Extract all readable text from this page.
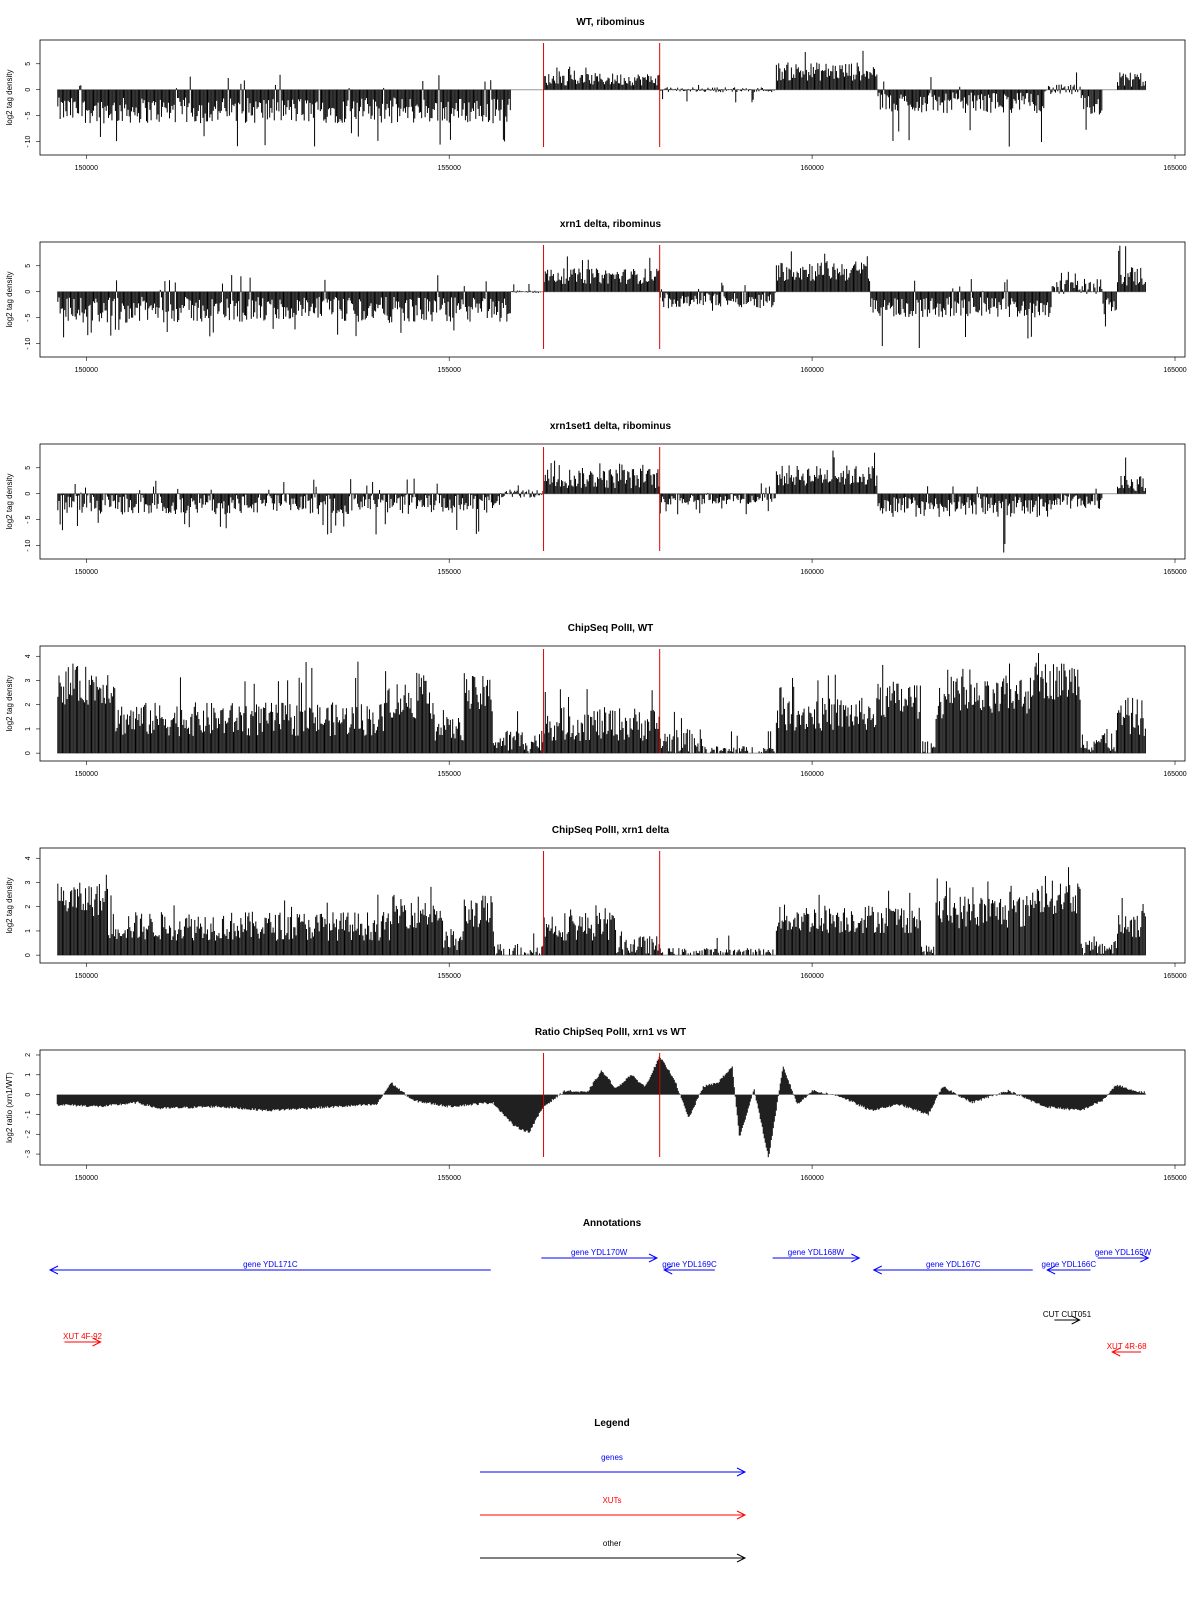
WT, ribominus
5
0
- 5
- 10
log2 tag density
150000	155000	160000	165000
xrn1 delta, ribominus
5
0
- 5
- 10
log2 tag density
150000	155000	160000	165000
xrn1set1 delta, ribominus
5
0
- 5
- 10
log2 tag density
150000	155000	160000	165000
ChipSeq PolII, WT
0
1
2
3
4
log2 tag density
150000	155000	160000	165000
ChipSeq PolII, xrn1 delta
0
1
2
3
4
log2 tag density
150000	155000	160000	165000
Ratio ChipSeq PolII, xrn1 vs WT
2
1
0
- 1
- 2
- 3
log2 ratio (xrn1/WT)
150000	155000	160000	165000
Annotations
gene YDL171C
gene YDL170W
gene YDL169C
gene YDL168W
gene YDL167C	gene YDL166C
gene YDL165W
CUT CUT051
XUT 4F-92
XUT 4R-68
Legend
genes
XUTs
other
